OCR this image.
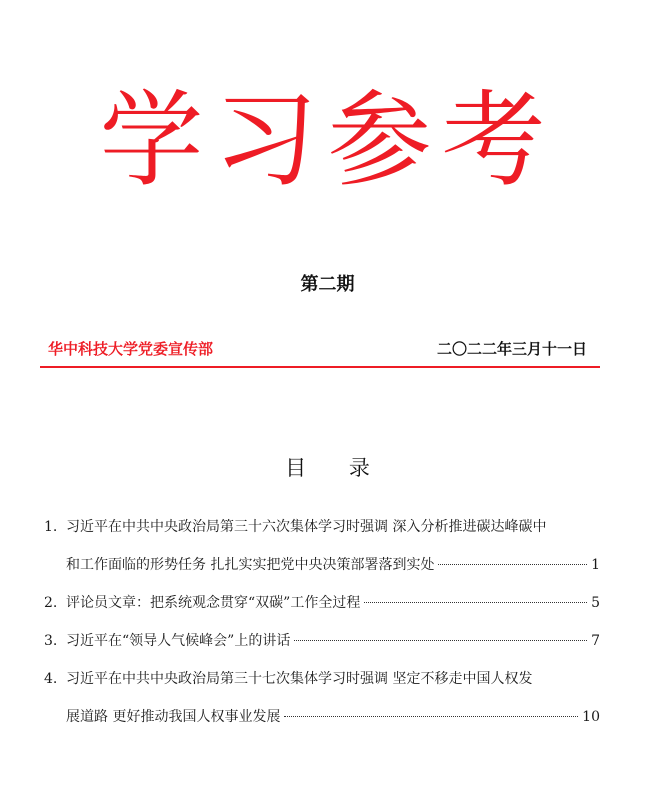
学习参考
第二期
华中科技大学党委宣传部	二〇二二年三月十一日
目 录
1. 习近平在中共中央政治局第三十六次集体学习时强调 深入分析推进碳达峰碳中
和工作面临的形势任务 扎扎实实把党中央决策部署落到实处	1
2. 评论员文章：把系统观念贯穿“双碳”工作全过程	5
3. 习近平在“领导人气候峰会”上的讲话	7
4. 习近平在中共中央政治局第三十七次集体学习时强调 坚定不移走中国人权发
展道路 更好推动我国人权事业发展	10
